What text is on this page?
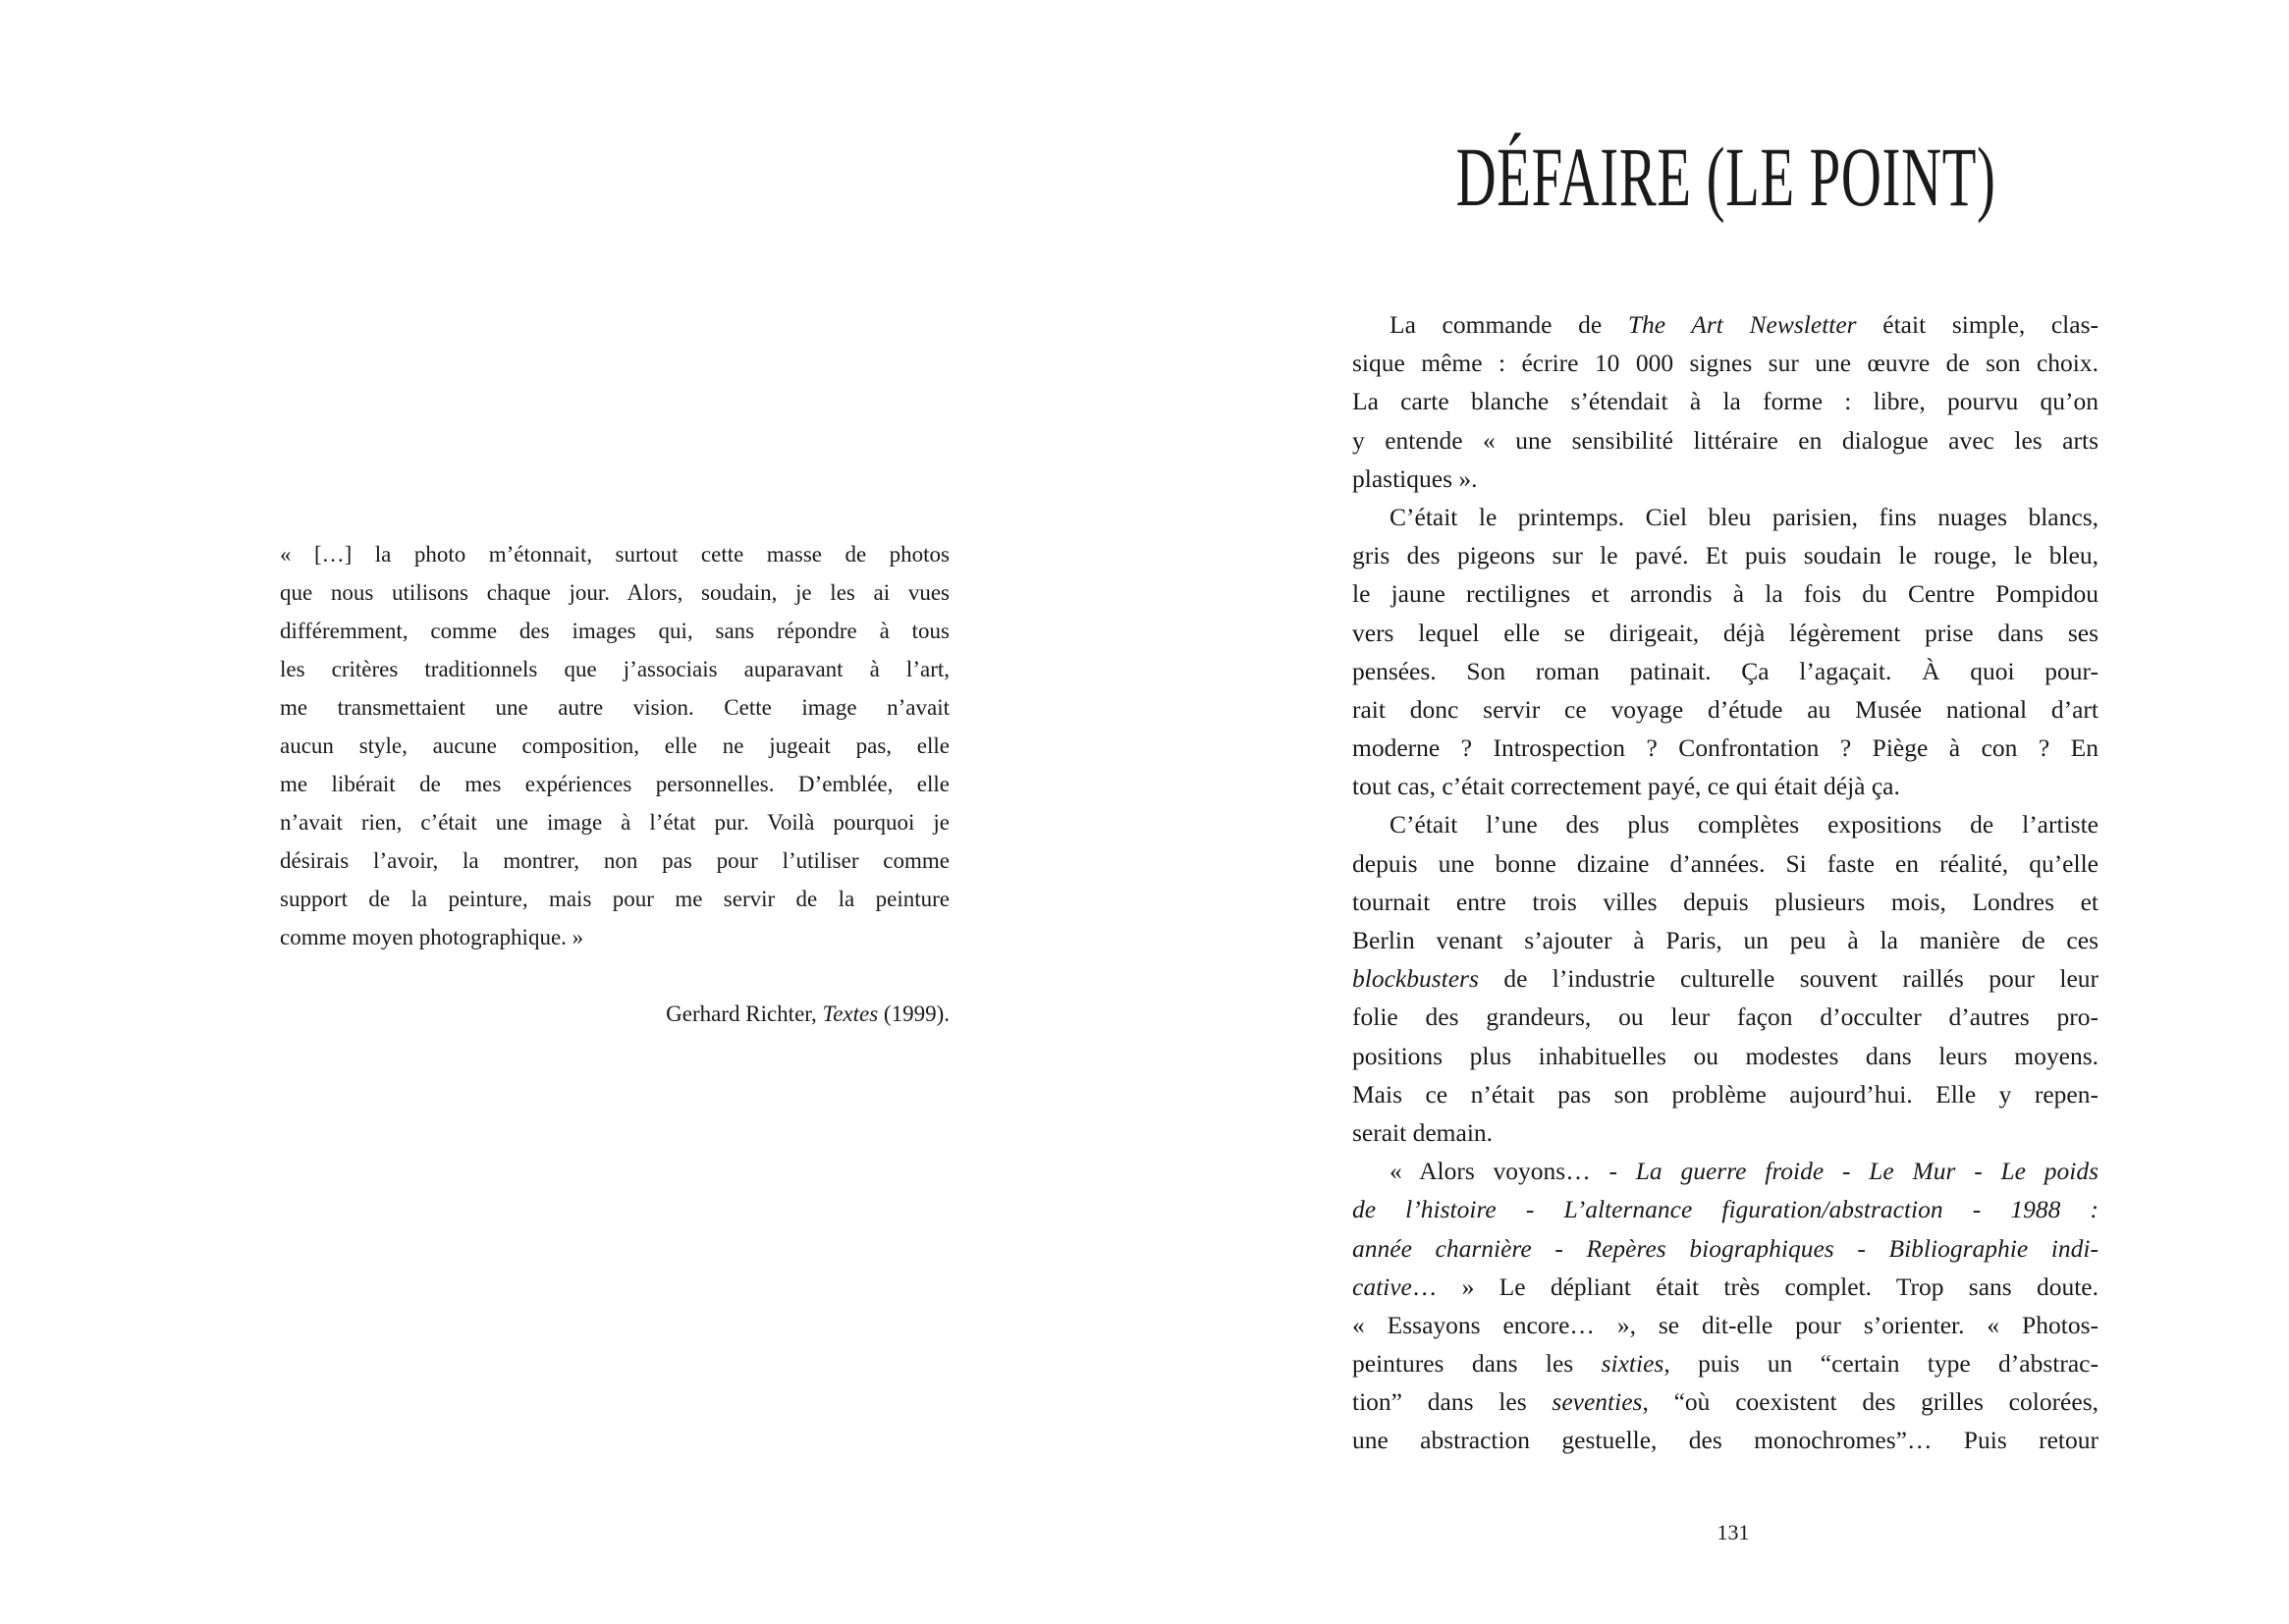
« […] la photo m’étonnait, surtout cette masse de photos
que nous utilisons chaque jour. Alors, soudain, je les ai vues
différemment, comme des images qui, sans répondre à tous
les critères traditionnels que j’associais auparavant à l’art,
me transmettaient une autre vision. Cette image n’avait
aucun style, aucune composition, elle ne jugeait pas, elle
me libérait de mes expériences personnelles. D’emblée, elle
n’avait rien, c’était une image à l’état pur. Voilà pourquoi je
désirais l’avoir, la montrer, non pas pour l’utiliser comme
support de la peinture, mais pour me servir de la peinture
comme moyen photographique. »
Gerhard Richter, Textes (1999).
DÉFAIRE (LE POINT)
La commande de The Art Newsletter était simple, clas-
sique même : écrire 10 000 signes sur une œuvre de son choix.
La carte blanche s’étendait à la forme : libre, pourvu qu’on
y entende « une sensibilité littéraire en dialogue avec les arts
plastiques ».
C’était le printemps. Ciel bleu parisien, fins nuages blancs,
gris des pigeons sur le pavé. Et puis soudain le rouge, le bleu,
le jaune rectilignes et arrondis à la fois du Centre Pompidou
vers lequel elle se dirigeait, déjà légèrement prise dans ses
pensées. Son roman patinait. Ça l’agaçait. À quoi pour-
rait donc servir ce voyage d’étude au Musée national d’art
moderne ? Introspection ? Confrontation ? Piège à con ? En
tout cas, c’était correctement payé, ce qui était déjà ça.
C’était l’une des plus complètes expositions de l’artiste
depuis une bonne dizaine d’années. Si faste en réalité, qu’elle
tournait entre trois villes depuis plusieurs mois, Londres et
Berlin venant s’ajouter à Paris, un peu à la manière de ces
blockbusters de l’industrie culturelle souvent raillés pour leur
folie des grandeurs, ou leur façon d’occulter d’autres pro-
positions plus inhabituelles ou modestes dans leurs moyens.
Mais ce n’était pas son problème aujourd’hui. Elle y repen-
serait demain.
« Alors voyons… - La guerre froide - Le Mur - Le poids
de l’histoire - L’alternance figuration/abstraction - 1988 :
année charnière - Repères biographiques - Bibliographie indi-
cative… » Le dépliant était très complet. Trop sans doute.
« Essayons encore… », se dit-elle pour s’orienter. « Photos-
peintures dans les sixties, puis un “certain type d’abstrac-
tion” dans les seventies, “où coexistent des grilles colorées,
une abstraction gestuelle, des monochromes”… Puis retour
131
